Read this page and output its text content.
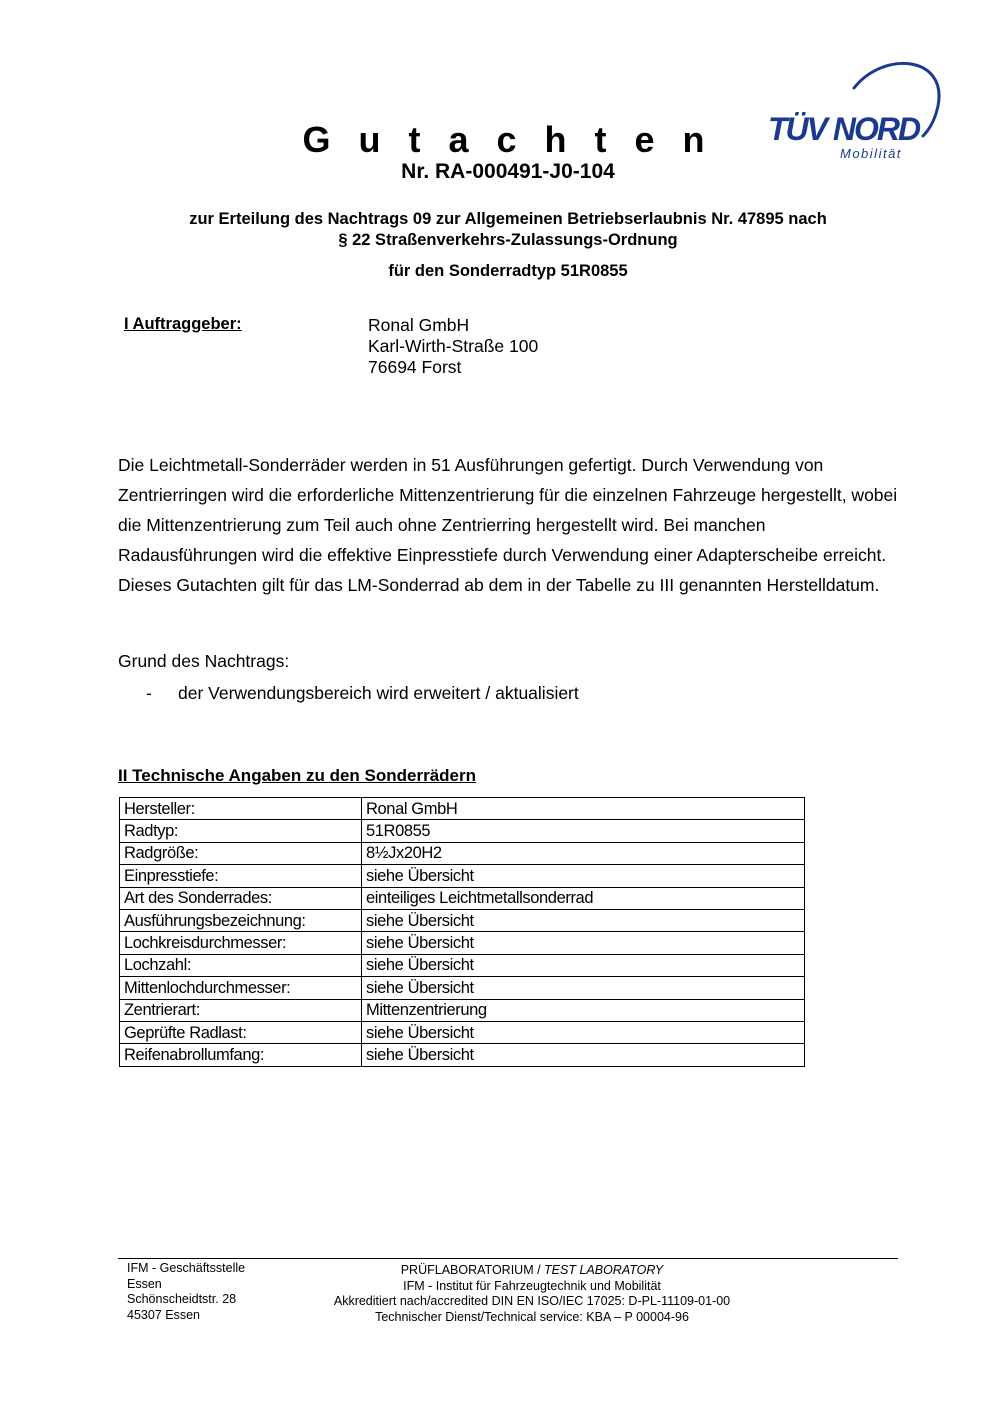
G u t a c h t e n
Nr. RA-000491-J0-104
TÜV NORD
Mobilität
zur Erteilung des Nachtrags 09 zur Allgemeinen Betriebserlaubnis Nr. 47895 nach
§ 22 Straßenverkehrs-Zulassungs-Ordnung
für den Sonderradtyp 51R0855
I Auftraggeber:	Ronal GmbH
Karl-Wirth-Straße 100
76694 Forst
Die Leichtmetall-Sonderräder werden in 51 Ausführungen gefertigt. Durch Verwendung von Zentrierringen wird die erforderliche Mittenzentrierung für die einzelnen Fahrzeuge hergestellt, wobei die Mittenzentrierung zum Teil auch ohne Zentrierring hergestellt wird. Bei manchen Radausführungen wird die effektive Einpresstiefe durch Verwendung einer Adapterscheibe erreicht. Dieses Gutachten gilt für das LM-Sonderrad ab dem in der Tabelle zu III genannten Herstelldatum.
Grund des Nachtrags:
- der Verwendungsbereich wird erweitert / aktualisiert
II Technische Angaben zu den Sonderrädern
Hersteller:	Ronal GmbH
Radtyp:	51R0855
Radgröße:	8½Jx20H2
Einpresstiefe:	siehe Übersicht
Art des Sonderrades:	einteiliges Leichtmetallsonderrad
Ausführungsbezeichnung:	siehe Übersicht
Lochkreisdurchmesser:	siehe Übersicht
Lochzahl:	siehe Übersicht
Mittenlochdurchmesser:	siehe Übersicht
Zentrierart:	Mittenzentrierung
Geprüfte Radlast:	siehe Übersicht
Reifenabrollumfang:	siehe Übersicht
IFM - Geschäftsstelle
Essen
Schönscheidtstr. 28
45307 Essen
PRÜFLABORATORIUM / TEST LABORATORY
IFM - Institut für Fahrzeugtechnik und Mobilität
Akkreditiert nach/accredited DIN EN ISO/IEC 17025: D-PL-11109-01-00
Technischer Dienst/Technical service: KBA – P 00004-96
